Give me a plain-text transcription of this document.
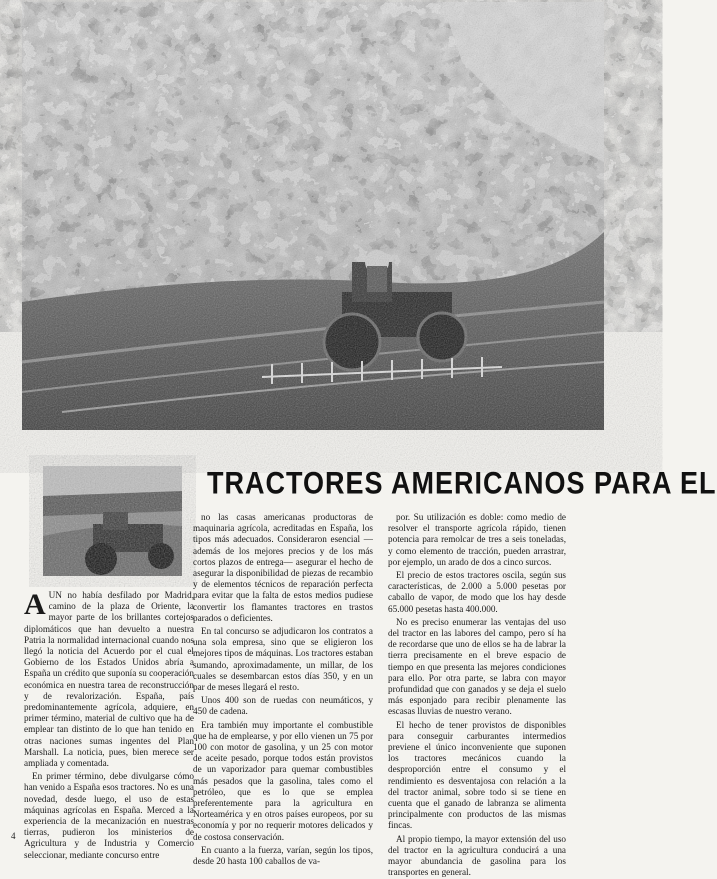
TRACTORES AMERICANOS PARA EL
A UN no había desfilado por Madrid, camino de la plaza de Oriente, la mayor parte de los brillantes cortejos diplomáticos que han devuelto a nuestra Patria la normalidad internacional cuando nos llegó la noticia del Acuerdo por el cual el Gobierno de los Estados Unidos abría a España un crédito que suponía su cooperación económica en nuestra tarea de reconstrucción y de revalorización. España, país predominantemente agrícola, adquiere, en primer término, material de cultivo que ha de emplear tan distinto de lo que han tenido en otras naciones sumas ingentes del Plan Marshall. La noticia, pues, bien merece ser ampliada y comentada.

En primer término, debe divulgarse cómo han venido a España esos tractores. No es una novedad, desde luego, el uso de estas máquinas agrícolas en España. Merced a la experiencia de la mecanización en nuestras tierras, pudieron los ministerios de Agricultura y de Industria y Comercio seleccionar, mediante concurso entre

no las casas americanas productoras de maquinaria agrícola, acreditadas en España, los tipos más adecuados. Consideraron esencial —además de los mejores precios y de los más cortos plazos de entrega— asegurar el hecho de asegurar la disponibilidad de piezas de recambio y de elementos técnicos de reparación perfecta para evitar que la falta de estos medios pudiese convertir los flamantes tractores en trastos parados o deficientes.

En tal concurso se adjudicaron los contratos a una sola empresa, sino que se eligieron los mejores tipos de máquinas. Los tractores estaban sumando, aproximadamente, un millar, de los cuales se desembarcan estos días 350, y en un par de meses llegará el resto.

Unos 400 son de ruedas con neumáticos, y 450 de cadena.

Era también muy importante el combustible que ha de emplearse, y por ello vienen un 75 por 100 con motor de gasolina, y un 25 con motor de aceite pesado, porque todos están provistos de un vaporizador para quemar combustibles más pesados que la gasolina, tales como el petróleo, que es lo que se emplea preferentemente para la agricultura en Norteamérica y en otros países europeos, por su economía y por no requerir motores delicados y de costosa conservación.

En cuanto a la fuerza, varían, según los tipos, desde 20 hasta 100 caballos de va-

por. Su utilización es doble: como medio de resolver el transporte agrícola rápido, tienen potencia para remolcar de tres a seis toneladas, y como elemento de tracción, pueden arrastrar, por ejemplo, un arado de dos a cinco surcos.

El precio de estos tractores oscila, según sus características, de 2.000 a 5.000 pesetas por caballo de vapor, de modo que los hay desde 65.000 pesetas hasta 400.000.

No es preciso enumerar las ventajas del uso del tractor en las labores del campo, pero sí ha de recordarse que uno de ellos se ha de labrar la tierra precisamente en el breve espacio de tiempo en que presenta las mejores condiciones para ello. Por otra parte, se labra con mayor profundidad que con ganados y se deja el suelo más esponjado para recibir plenamente las escasas lluvias de nuestro verano.

El hecho de tener provistos de disponibles para conseguir carburantes intermedios previene el único inconveniente que suponen los tractores mecánicos cuando la desproporción entre el consumo y el rendimiento es desventajosa con relación a la del tractor animal, sobre todo si se tiene en cuenta que el ganado de labranza se alimenta principalmente con productos de las mismas fincas.

Al propio tiempo, la mayor extensión del uso del tractor en la agricultura conducirá a una mayor abundancia de gasolina para los transportes en general.

4
